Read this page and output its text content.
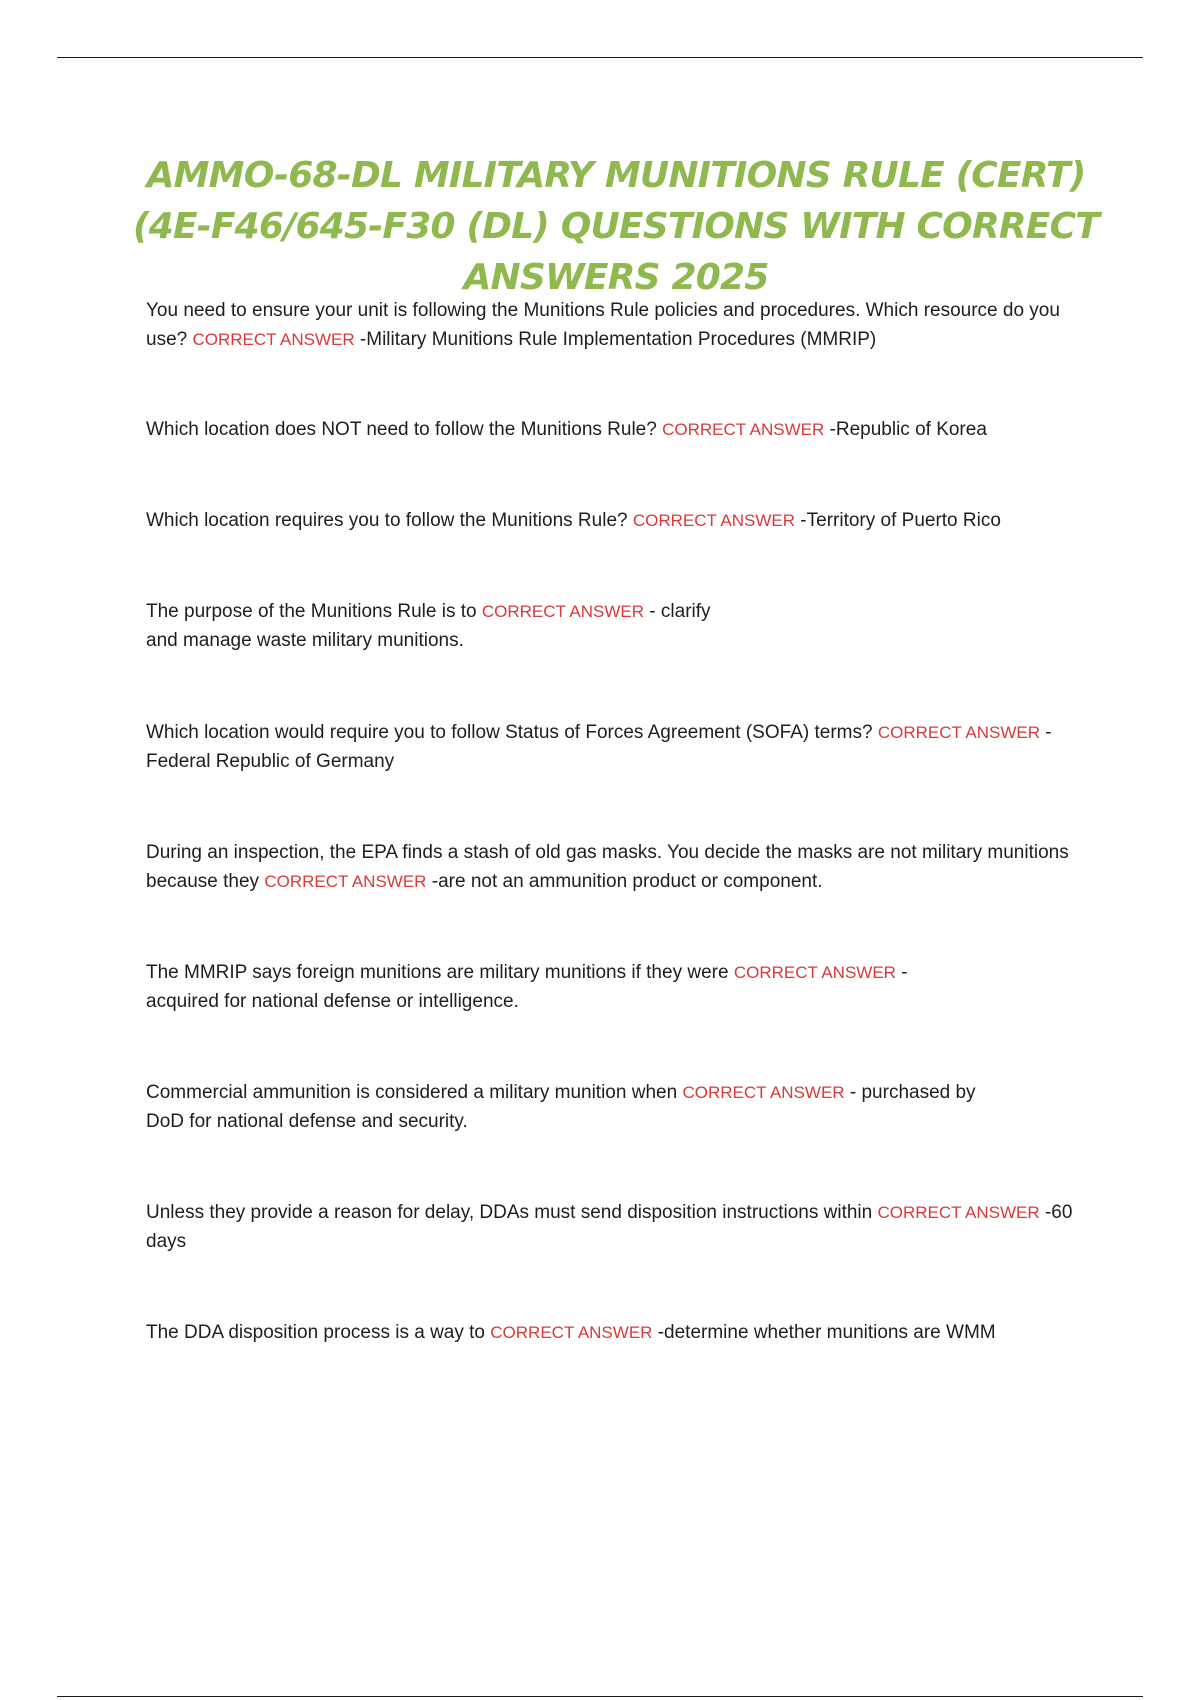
AMMO-68-DL MILITARY MUNITIONS RULE (CERT) (4E-F46/645-F30 (DL) QUESTIONS WITH CORRECT ANSWERS 2025
You need to ensure your unit is following the Munitions Rule policies and procedures. Which resource do you use? CORRECT ANSWER -Military Munitions Rule Implementation Procedures (MMRIP)
Which location does NOT need to follow the Munitions Rule? CORRECT ANSWER -Republic of Korea
Which location requires you to follow the Munitions Rule? CORRECT ANSWER -Territory of Puerto Rico
The purpose of the Munitions Rule is to CORRECT ANSWER - clarify and manage waste military munitions.
Which location would require you to follow Status of Forces Agreement (SOFA) terms? CORRECT ANSWER -Federal Republic of Germany
During an inspection, the EPA finds a stash of old gas masks. You decide the masks are not military munitions because they CORRECT ANSWER -are not an ammunition product or component.
The MMRIP says foreign munitions are military munitions if they were CORRECT ANSWER - acquired for national defense or intelligence.
Commercial ammunition is considered a military munition when CORRECT ANSWER - purchased by DoD for national defense and security.
Unless they provide a reason for delay, DDAs must send disposition instructions within CORRECT ANSWER -60 days
The DDA disposition process is a way to CORRECT ANSWER -determine whether munitions are WMM
